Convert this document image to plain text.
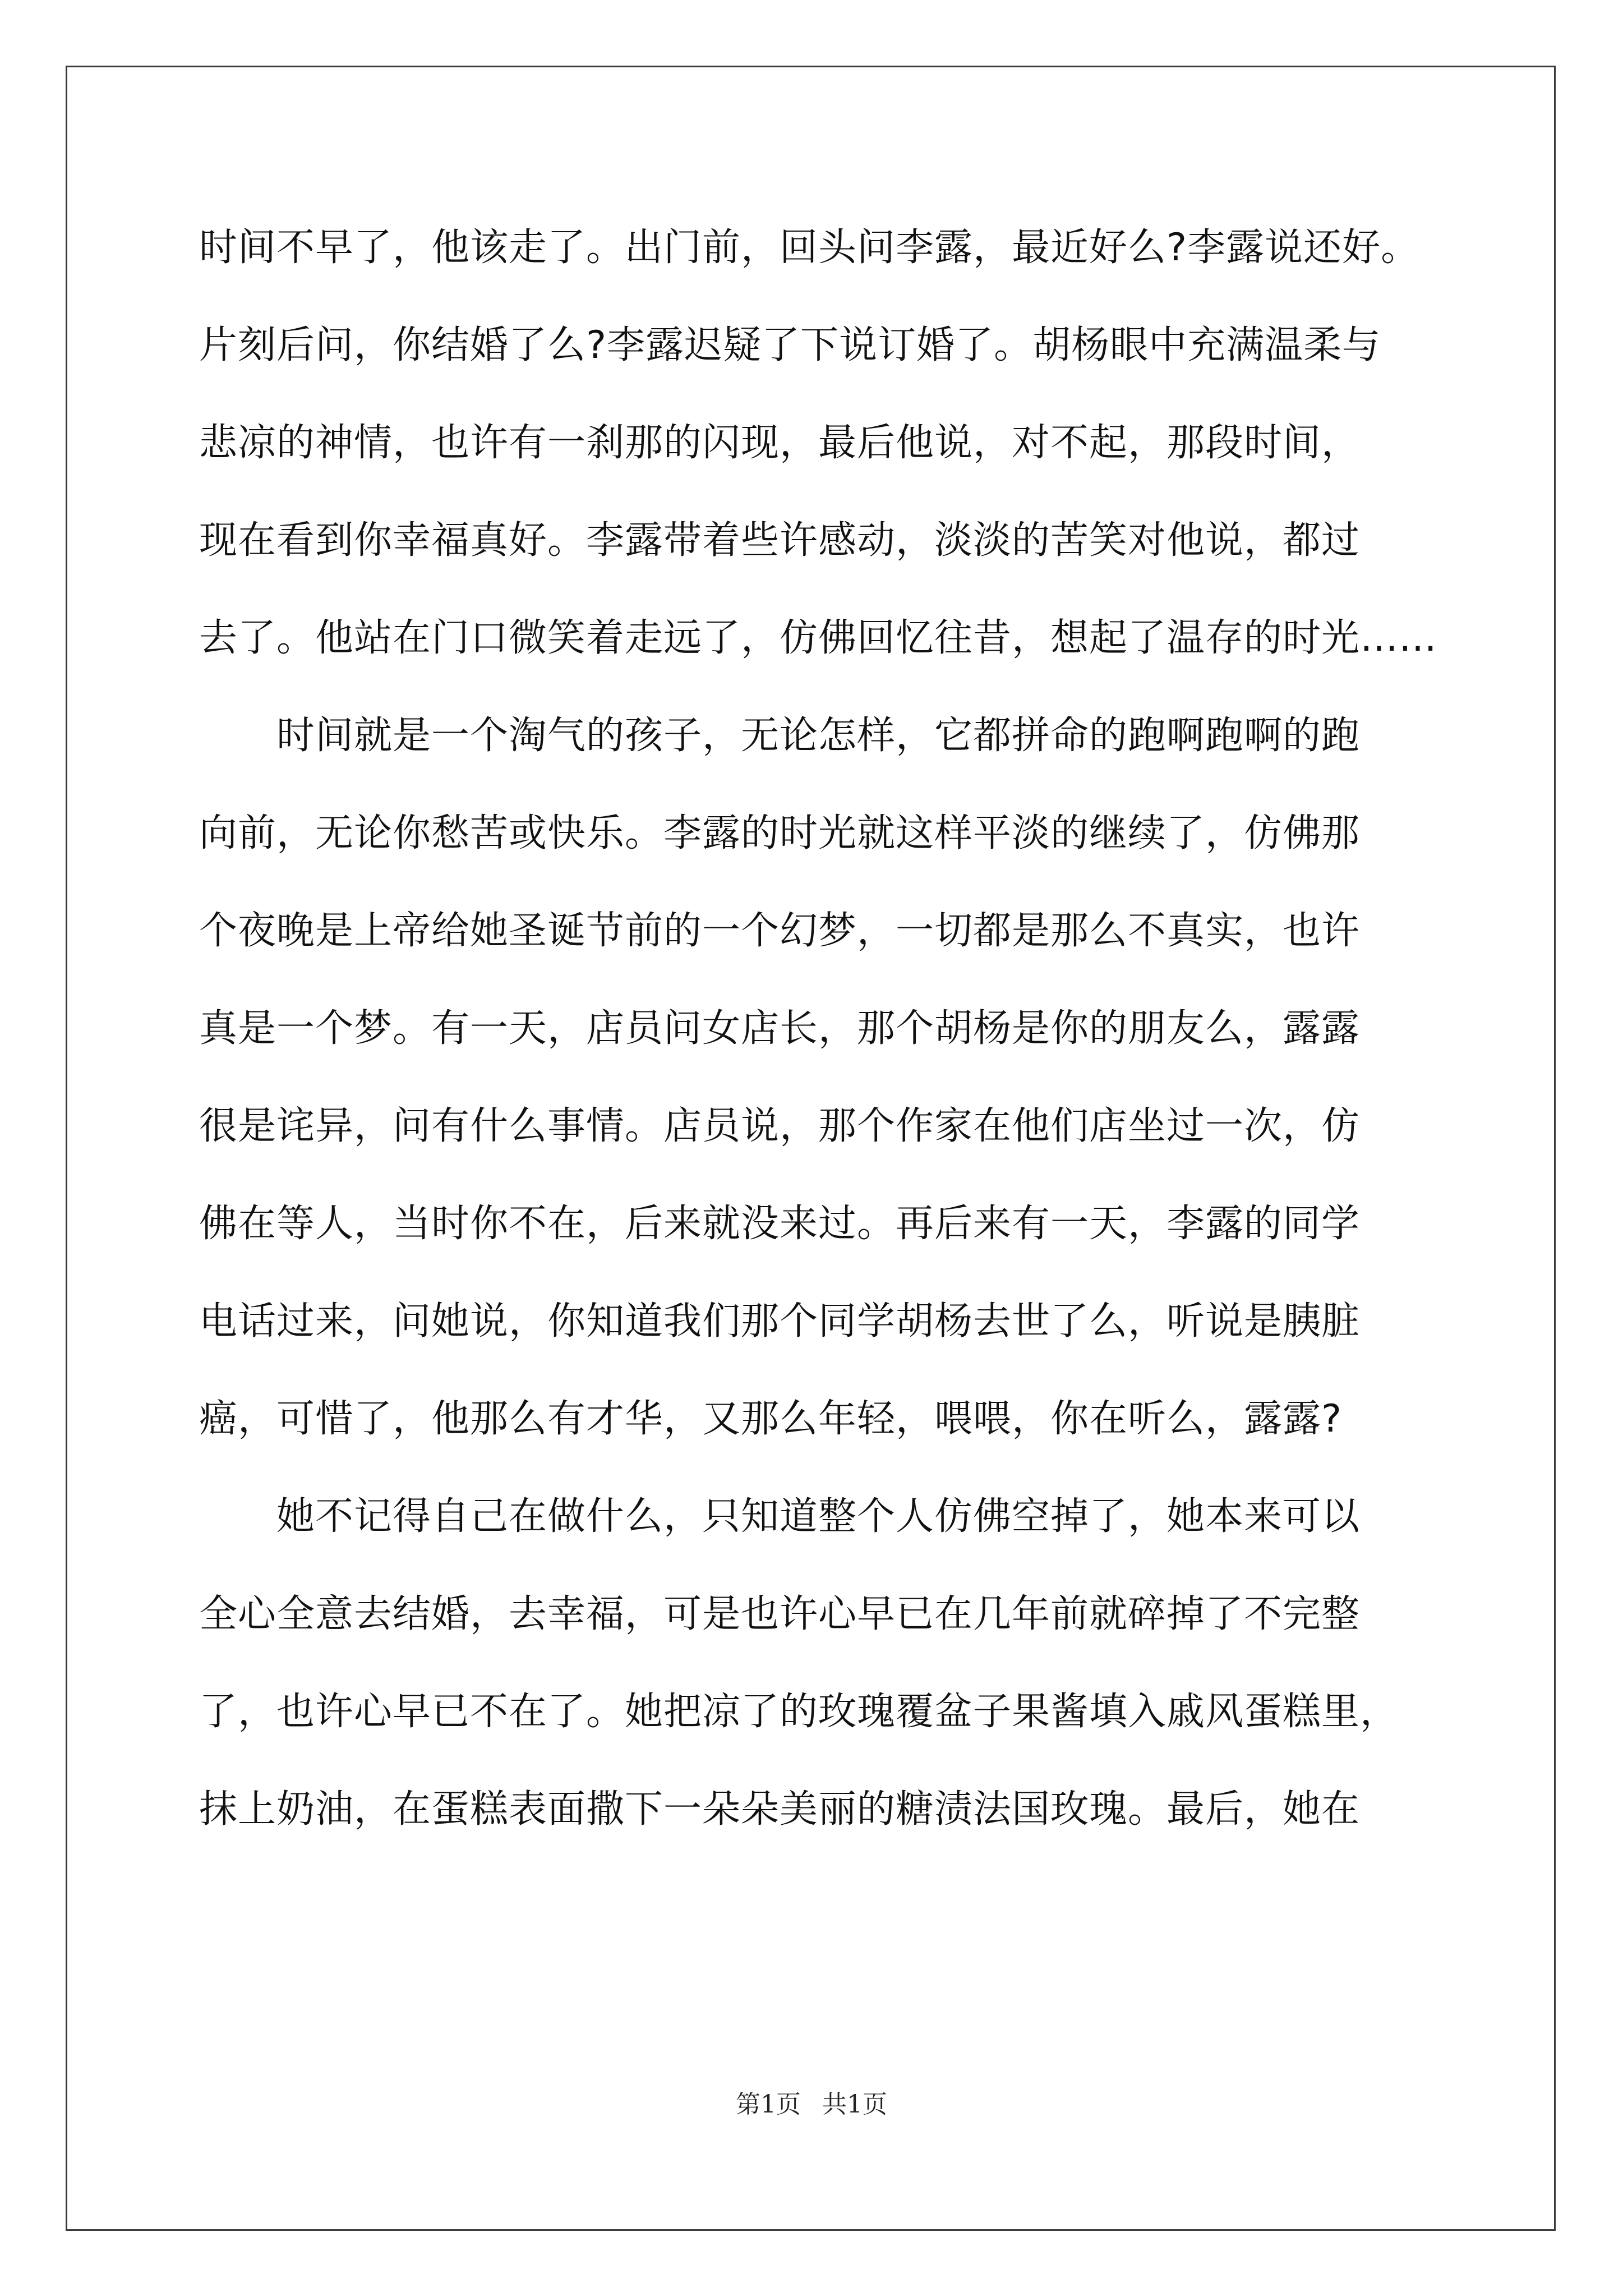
时间不早了，他该走了。出门前，回头问李露，最近好么?李露说还好。
片刻后问，你结婚了么?李露迟疑了下说订婚了。胡杨眼中充满温柔与
悲凉的神情，也许有一刹那的闪现，最后他说，对不起，那段时间，
现在看到你幸福真好。李露带着些许感动，淡淡的苦笑对他说，都过
去了。他站在门口微笑着走远了，仿佛回忆往昔，想起了温存的时光……
时间就是一个淘气的孩子，无论怎样，它都拼命的跑啊跑啊的跑
向前，无论你愁苦或快乐。李露的时光就这样平淡的继续了，仿佛那
个夜晚是上帝给她圣诞节前的一个幻梦，一切都是那么不真实，也许
真是一个梦。有一天，店员问女店长，那个胡杨是你的朋友么，露露
很是诧异，问有什么事情。店员说，那个作家在他们店坐过一次，仿
佛在等人，当时你不在，后来就没来过。再后来有一天，李露的同学
电话过来，问她说，你知道我们那个同学胡杨去世了么，听说是胰脏
癌，可惜了，他那么有才华，又那么年轻，喂喂，你在听么，露露?
她不记得自己在做什么，只知道整个人仿佛空掉了，她本来可以
全心全意去结婚，去幸福，可是也许心早已在几年前就碎掉了不完整
了，也许心早已不在了。她把凉了的玫瑰覆盆子果酱填入戚风蛋糕里，
抹上奶油，在蛋糕表面撒下一朵朵美丽的糖渍法国玫瑰。最后，她在
第1页 共1页
